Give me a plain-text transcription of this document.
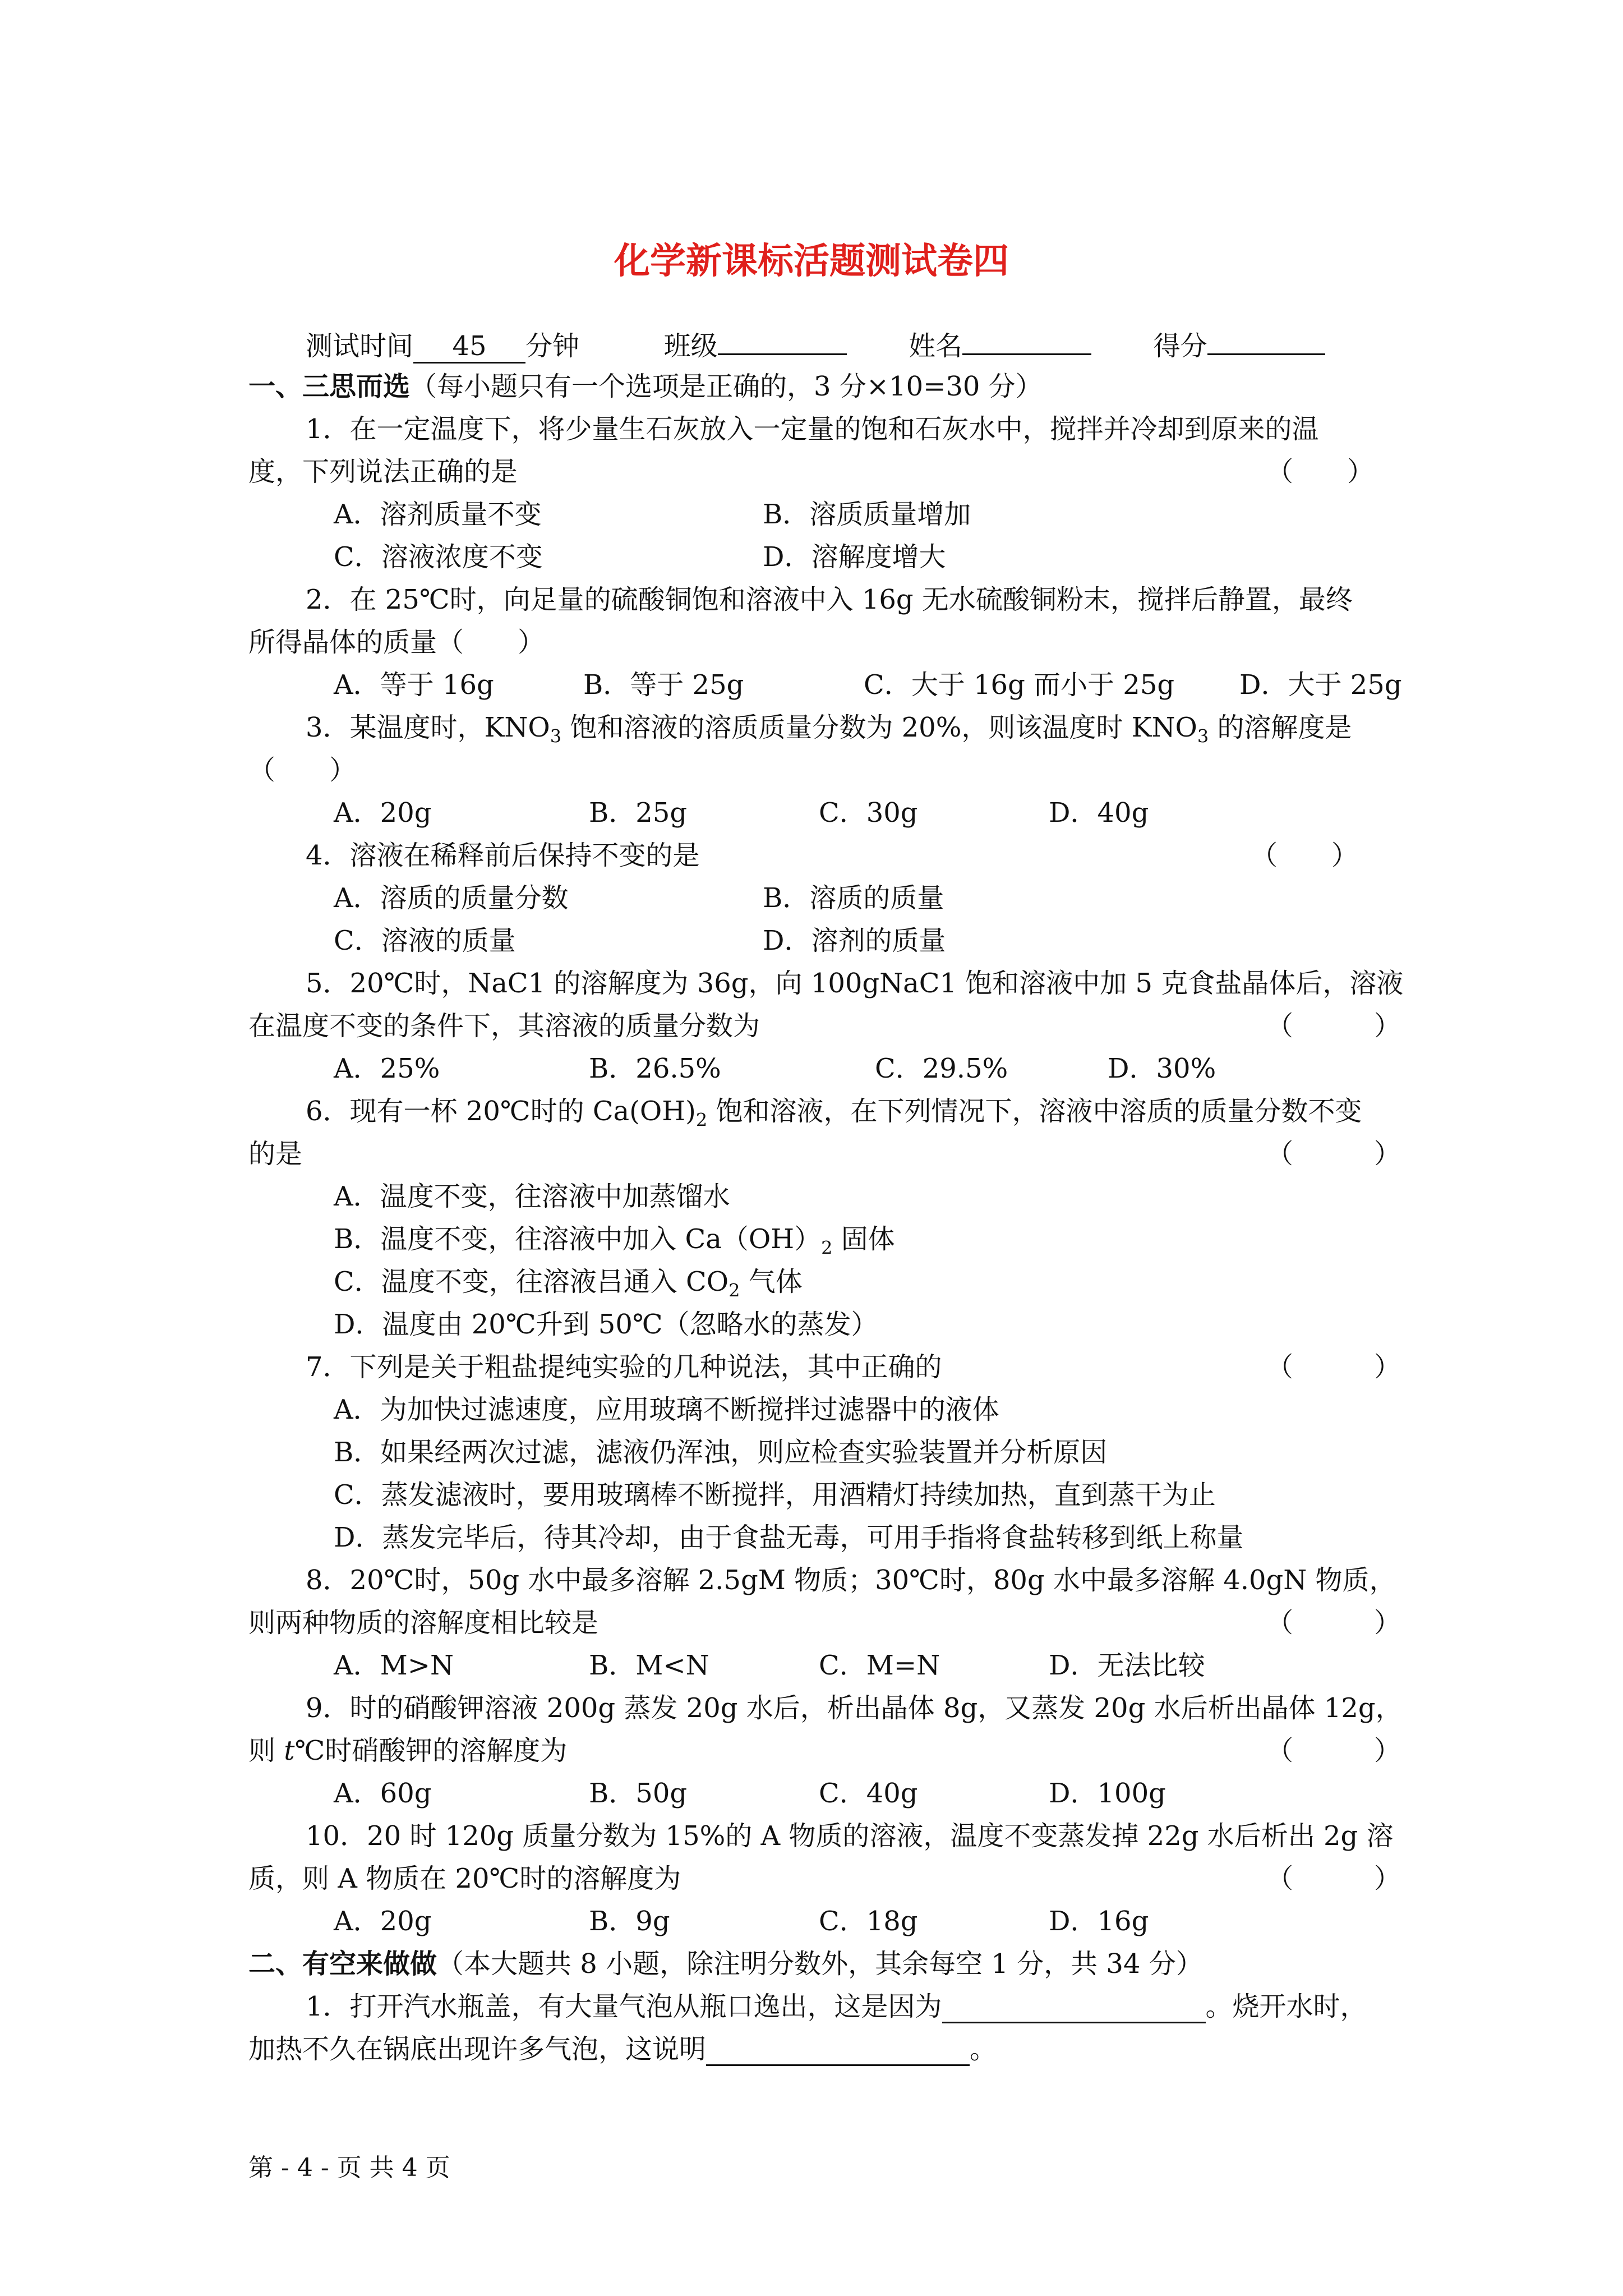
化学新课标活题测试卷四
测试时间 45 分钟	班级	姓名	得分
一、三思而选（每小题只有一个选项是正确的，3 分×10=30 分）
1．在一定温度下，将少量生石灰放入一定量的饱和石灰水中，搅拌并冷却到原来的温
度，下列说法正确的是	（　　）
A．溶剂质量不变	B．溶质质量增加
C．溶液浓度不变	D．溶解度增大
2．在 25℃时，向足量的硫酸铜饱和溶液中入 16g 无水硫酸铜粉末，搅拌后静置，最终
所得晶体的质量（　　）
A．等于 16g	B．等于 25g	C．大于 16g 而小于 25g D．大于 25g
3．某温度时，$KNO_3$ 饱和溶液的溶质质量分数为 20%，则该温度时 $KNO_3$ 的溶解度是
（　　）
A．20g	B．25g	C．30g	D．40g
4．溶液在稀释前后保持不变的是	（　　）
A．溶质的质量分数	B．溶质的质量
C．溶液的质量	D．溶剂的质量
5．20℃时，NaC1 的溶解度为 36g，向 100gNaC1 饱和溶液中加 5 克食盐晶体后，溶液
在温度不变的条件下，其溶液的质量分数为	（　　　）
A．25%	B．26.5%	C．29.5%	D．30%
6．现有一杯 20℃时的 $Ca(OH)_2$ 饱和溶液，在下列情况下，溶液中溶质的质量分数不变
的是	（　　　）
A．温度不变，往溶液中加蒸馏水
B．温度不变，往溶液中加入 $Ca(OH)_2$ 固体
C．温度不变，往溶液吕通入 $CO_2$ 气体
D．温度由 20℃升到 50℃（忽略水的蒸发）
7．下列是关于粗盐提纯实验的几种说法，其中正确的	（　　　）
A．为加快过滤速度，应用玻璃不断搅拌过滤器中的液体
B．如果经两次过滤，滤液仍浑浊，则应检查实验装置并分析原因
C．蒸发滤液时，要用玻璃棒不断搅拌，用酒精灯持续加热，直到蒸干为止
D．蒸发完毕后，待其冷却，由于食盐无毒，可用手指将食盐转移到纸上称量
8．20℃时，50g 水中最多溶解 2.5gM 物质；30℃时，80g 水中最多溶解 4.0gN 物质，
则两种物质的溶解度相比较是	（　　　）
A．M>N	B．M<N	C．M=N	D．无法比较
9．时的硝酸钾溶液 200g 蒸发 20g 水后，析出晶体 8g，又蒸发 20g 水后析出晶体 12g，
则 t℃时硝酸钾的溶解度为	（　　　）
A．60g	B．50g	C．40g	D．100g
10．20 时 120g 质量分数为 15%的 A 物质的溶液，温度不变蒸发掉 22g 水后析出 2g 溶
质，则 A 物质在 20℃时的溶解度为	（　　　）
A．20g	B．9g	C．18g	D．16g
二、有空来做做（本大题共 8 小题，除注明分数外，其余每空 1 分，共 34 分）
1．打开汽水瓶盖，有大量气泡从瓶口逸出，这是因为	。烧开水时，
加热不久在锅底出现许多气泡，这说明	。
第 - 4 - 页 共 4 页
